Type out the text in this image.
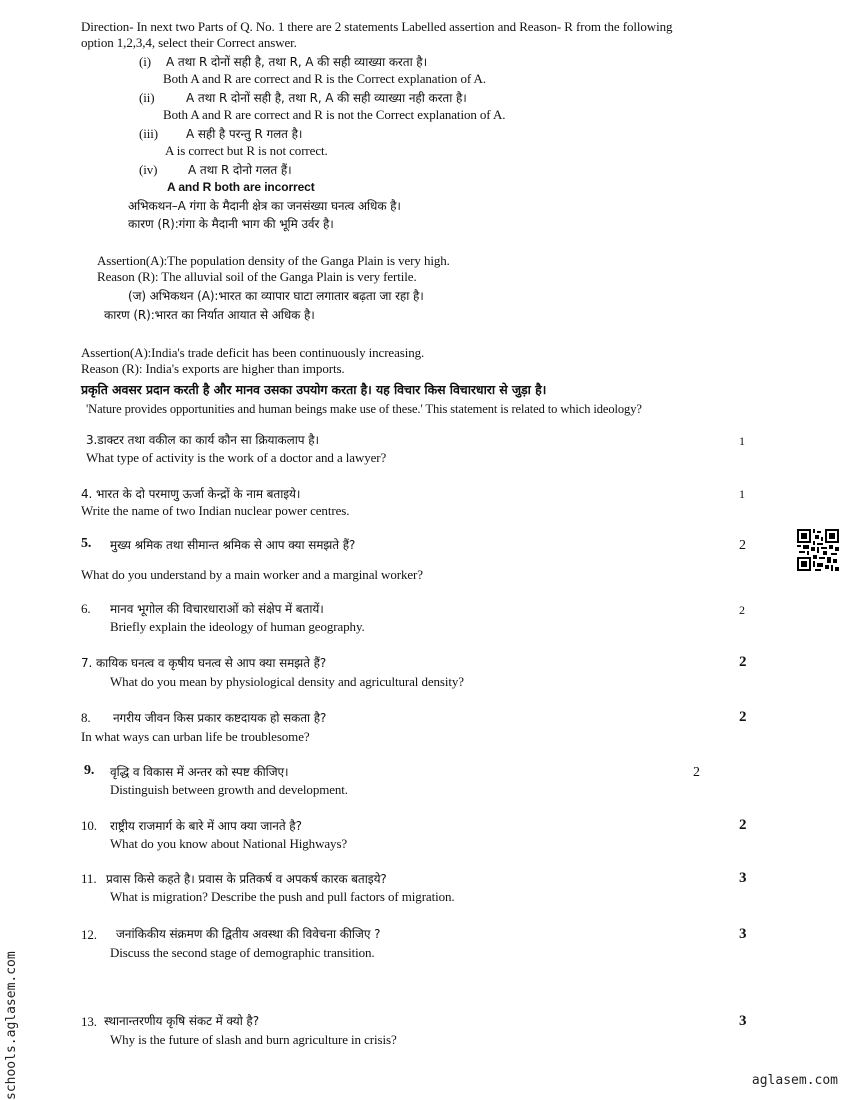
Direction- In next two Parts of Q. No. 1 there are 2 statements Labelled assertion and Reason- R from the following
option 1,2,3,4, select their Correct answer.
(i) A तथा R दोनों सही है, तथा R, A की सही व्याख्या करता है।
Both A and R are correct and R is the Correct explanation of A.
(ii)	A तथा R दोनों सही है, तथा R, A की सही व्याख्या नही करता है।
Both A and R are correct and R is not the Correct explanation of A.
(iii) A सही है परन्तु R गलत है।
A is correct but R is not correct.
(iv)	A तथा R दोनो गलत हैं।
A and R both are incorrect
अभिकथन–A गंगा के मैदानी क्षेत्र का जनसंख्या घनत्व अधिक है।
कारण (R):गंगा के मैदानी भाग की भूमि उर्वर है।
Assertion(A):The population density of the Ganga Plain is very high.
Reason (R): The alluvial soil of the Ganga Plain is very fertile.
(ज) अभिकथन (A):भारत का व्यापार घाटा लगातार बढ़ता जा रहा है।
कारण (R):भारत का निर्यात आयात से अधिक है।
Assertion(A):India's trade deficit has been continuously increasing.
Reason (R): India's exports are higher than imports.
प्रकृति अवसर प्रदान करती है और मानव उसका उपयोग करता है। यह विचार किस विचारधारा से जुड़ा है।
'Nature provides opportunities and human beings make use of these.' This statement is related to which ideology?
3.डाक्टर तथा वकील का कार्य कौन सा क्रियाकलाप है।
What type of activity is the work of a doctor and a lawyer?
1
4. भारत के दो परमाणु ऊर्जा केन्द्रों के नाम बताइये।
Write the name of two Indian nuclear power centres.
1
5. मुख्य श्रमिक तथा सीमान्त श्रमिक से आप क्या समझते हैं?
What do you understand by a main worker and a marginal worker?
2
6. मानव भूगोल की विचारधाराओं को संक्षेप में बतायें।
Briefly explain the ideology of human geography.
2
7. कायिक घनत्व व कृषीय घनत्व से आप क्या समझते हैं?
What do you mean by physiological density and agricultural density?
2
8. नगरीय जीवन किस प्रकार कष्टदायक हो सकता है?
In what ways can urban life be troublesome?
2
9. वृद्धि व विकास में अन्तर को स्पष्ट कीजिए।
Distinguish between growth and development.
2
10. राष्ट्रीय राजमार्ग के बारे में आप क्या जानते है?
What do you know about National Highways?
2
11. प्रवास किसे कहते है। प्रवास के प्रतिकर्ष व अपकर्ष कारक बताइये?
What is migration? Describe the push and pull factors of migration.
3
12. जनांकिकीय संक्रमण की द्वितीय अवस्था की विवेचना कीजिए ?
Discuss the second stage of demographic transition.
3
13. स्थानान्तरणीय कृषि संकट में क्यो है?
Why is the future of slash and burn agriculture in crisis?
3
schools.aglasem.com	aglasem.com
